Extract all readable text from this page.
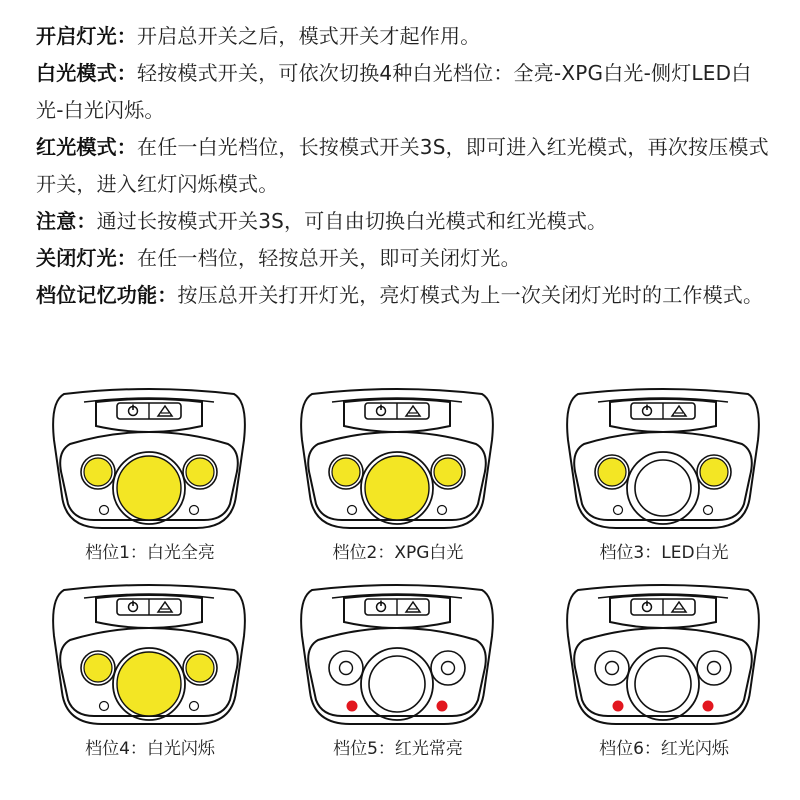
开启灯光：开启总开关之后，模式开关才起作用。

白光模式：轻按模式开关，可依次切换4种白光档位：全亮-XPG白光-侧灯LED白光-白光闪烁。

红光模式：在任一白光档位，长按模式开关3S，即可进入红光模式，再次按压模式开关，进入红灯闪烁模式。

注意：通过长按模式开关3S，可自由切换白光模式和红光模式。

关闭灯光：在任一档位，轻按总开关，即可关闭灯光。

档位记忆功能：按压总开关打开灯光，亮灯模式为上一次关闭灯光时的工作模式。

档位1：白光全亮	档位2：XPG白光	档位3：LED白光
档位4：白光闪烁	档位5：红光常亮	档位6：红光闪烁
